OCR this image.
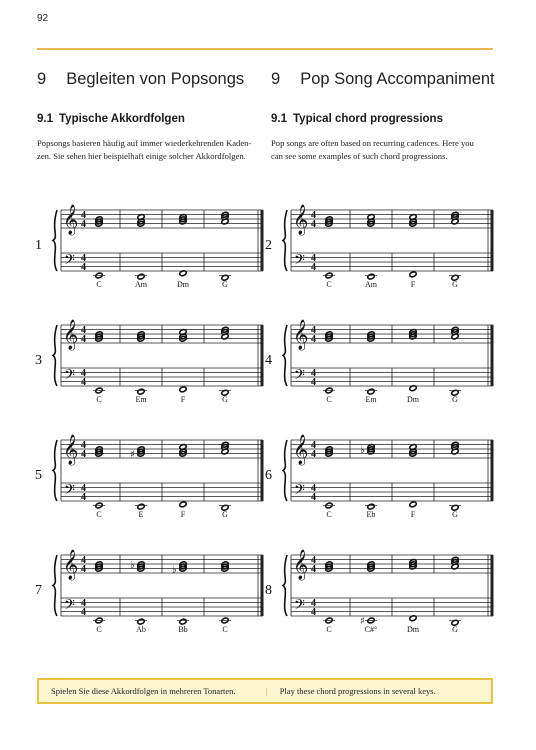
92
9 Begleiten von Popsongs
9.1 Typische Akkordfolgen
Popsongs basieren häufig auf immer wiederkehrenden Kaden-
zen. Sie sehen hier beispielhaft einige solcher Akkordfolgen.
9 Pop Song Accompaniment
9.1 Typical chord progressions
Pop songs are often based on recurring cadences. Here you
can see some examples of such chord progressions.
𝄞
𝄢
4
4
4
4
1
C	Am	Dm	G
𝄞
𝄢
4
4
4
4
2
C	Am	F	G
𝄞
𝄢
4
4
4
4
3
C	Em	F	G
𝄞
𝄢
4
4
4
4
4
C	Em	Dm	G
𝄞
𝄢
4
4
4
4
5
C
♯
E	F	G
𝄞
𝄢
4
4
4
4
6
C
♭
Eb	F	G
𝄞
𝄢
4
4
4
4
7
C
♭
Ab
♭
Bb	C
𝄞
𝄢
4
4
4
4
8
C
♯
C#°	Dm	G
Spielen Sie diese Akkordfolgen in mehreren Tonarten.	| Play these chord progressions in several keys.
